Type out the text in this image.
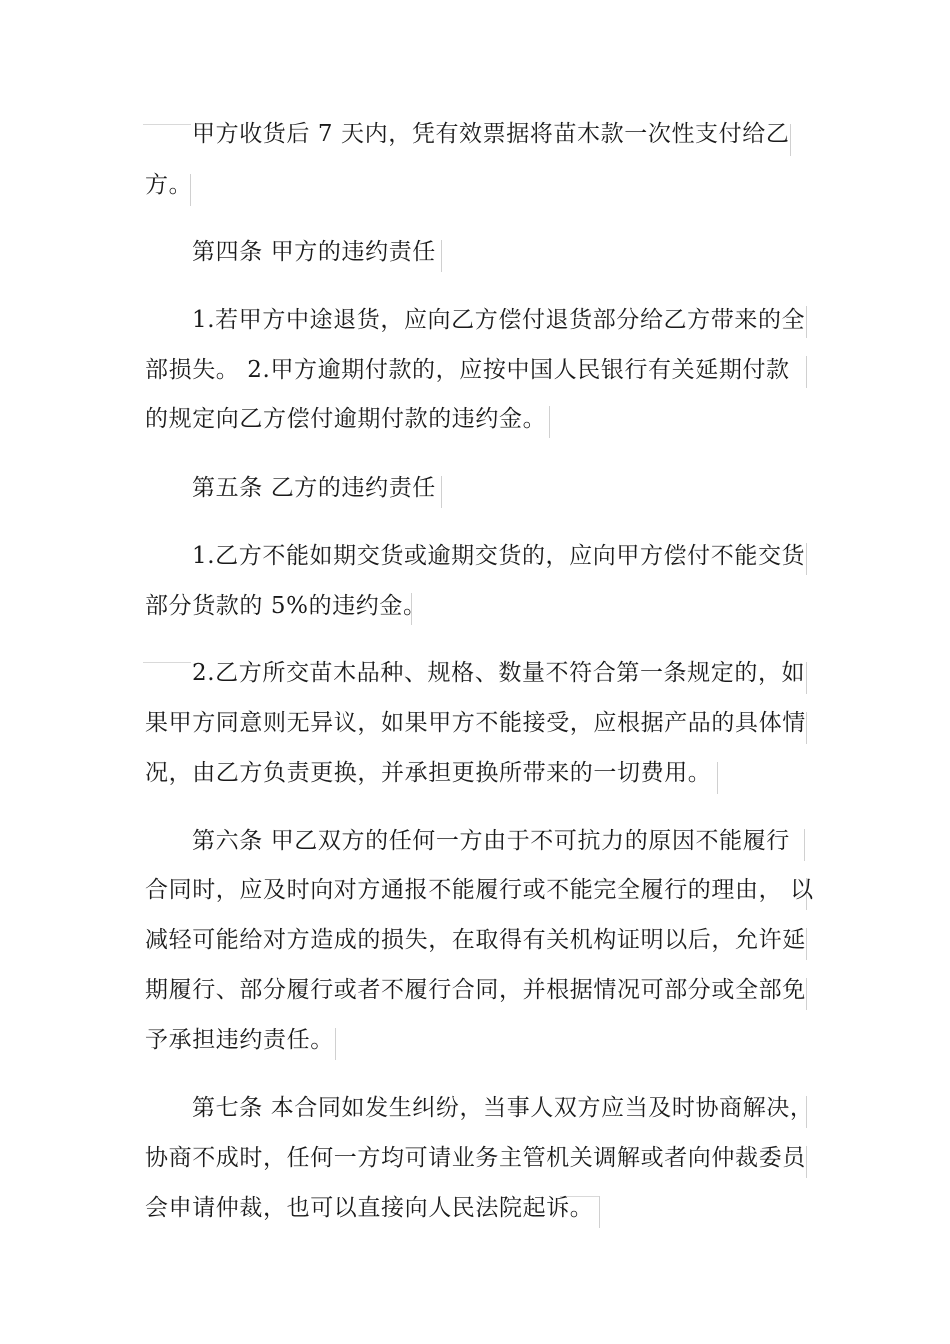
甲方收货后 7 天内，凭有效票据将苗木款一次性支付给乙
方。
第四条 甲方的违约责任
1.若甲方中途退货，应向乙方偿付退货部分给乙方带来的全
部损失。 2.甲方逾期付款的，应按中国人民银行有关延期付款
的规定向乙方偿付逾期付款的违约金。
第五条 乙方的违约责任
1.乙方不能如期交货或逾期交货的，应向甲方偿付不能交货
部分货款的 5%的违约金。
2.乙方所交苗木品种、规格、数量不符合第一条规定的，如
果甲方同意则无异议，如果甲方不能接受，应根据产品的具体情
况，由乙方负责更换，并承担更换所带来的一切费用。
第六条 甲乙双方的任何一方由于不可抗力的原因不能履行
合同时，应及时向对方通报不能履行或不能完全履行的理由， 以
减轻可能给对方造成的损失，在取得有关机构证明以后，允许延
期履行、部分履行或者不履行合同，并根据情况可部分或全部免
予承担违约责任。
第七条 本合同如发生纠纷，当事人双方应当及时协商解决，
协商不成时，任何一方均可请业务主管机关调解或者向仲裁委员
会申请仲裁，也可以直接向人民法院起诉。
